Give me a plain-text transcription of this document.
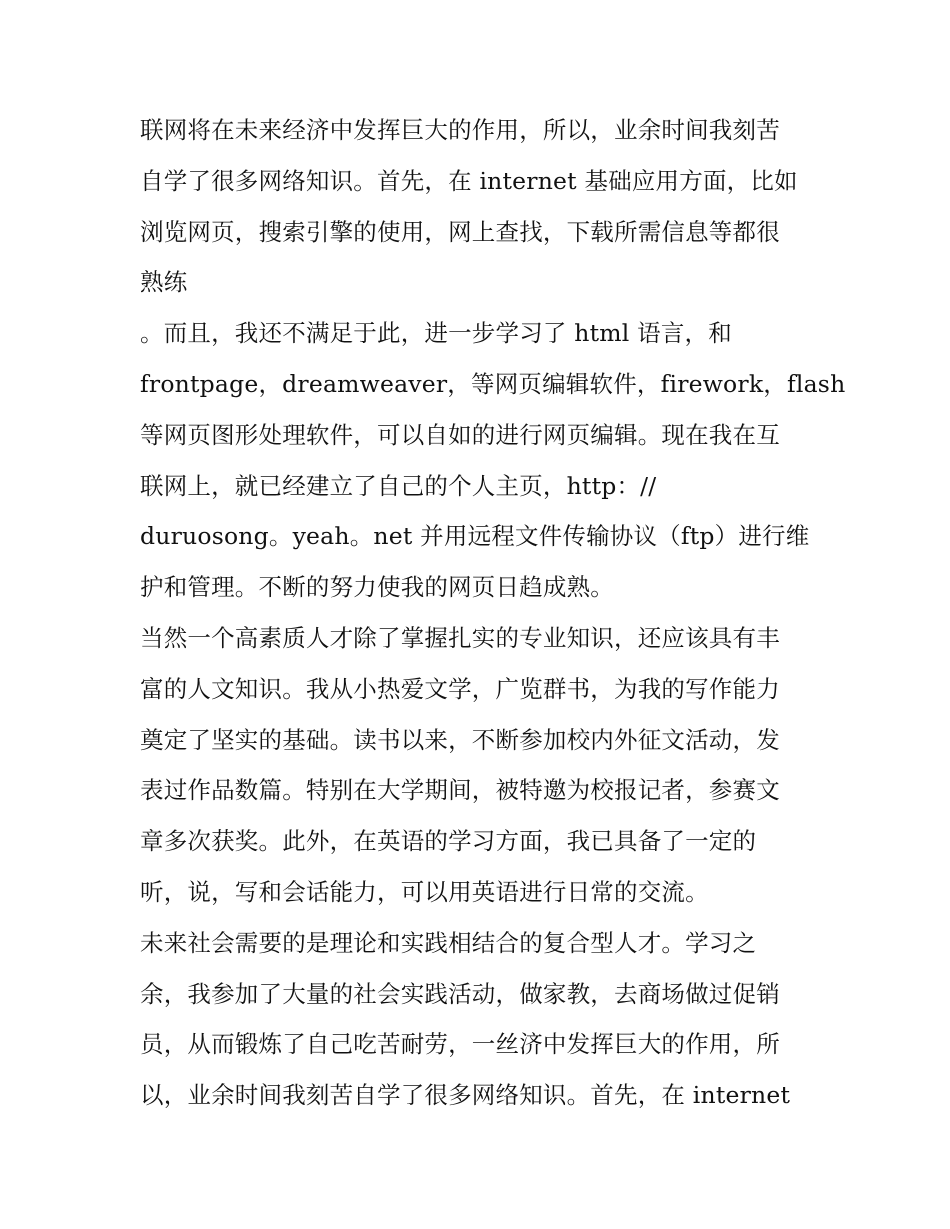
联网将在未来经济中发挥巨大的作用，所以，业余时间我刻苦
自学了很多网络知识。首先，在 internet 基础应用方面，比如
浏览网页，搜索引擎的使用，网上查找，下载所需信息等都很
熟练
。而且，我还不满足于此，进一步学习了 html 语言，和
frontpage，dreamweaver，等网页编辑软件，firework，flash
等网页图形处理软件，可以自如的进行网页编辑。现在我在互
联网上，就已经建立了自己的个人主页，http：//
duruosong。yeah。net 并用远程文件传输协议（ftp）进行维
护和管理。不断的努力使我的网页日趋成熟。
当然一个高素质人才除了掌握扎实的专业知识，还应该具有丰
富的人文知识。我从小热爱文学，广览群书，为我的写作能力
奠定了坚实的基础。读书以来，不断参加校内外征文活动，发
表过作品数篇。特别在大学期间，被特邀为校报记者，参赛文
章多次获奖。此外，在英语的学习方面，我已具备了一定的
听，说，写和会话能力，可以用英语进行日常的交流。
未来社会需要的是理论和实践相结合的复合型人才。学习之
余，我参加了大量的社会实践活动，做家教，去商场做过促销
员，从而锻炼了自己吃苦耐劳，一丝济中发挥巨大的作用，所
以，业余时间我刻苦自学了很多网络知识。首先，在 internet
